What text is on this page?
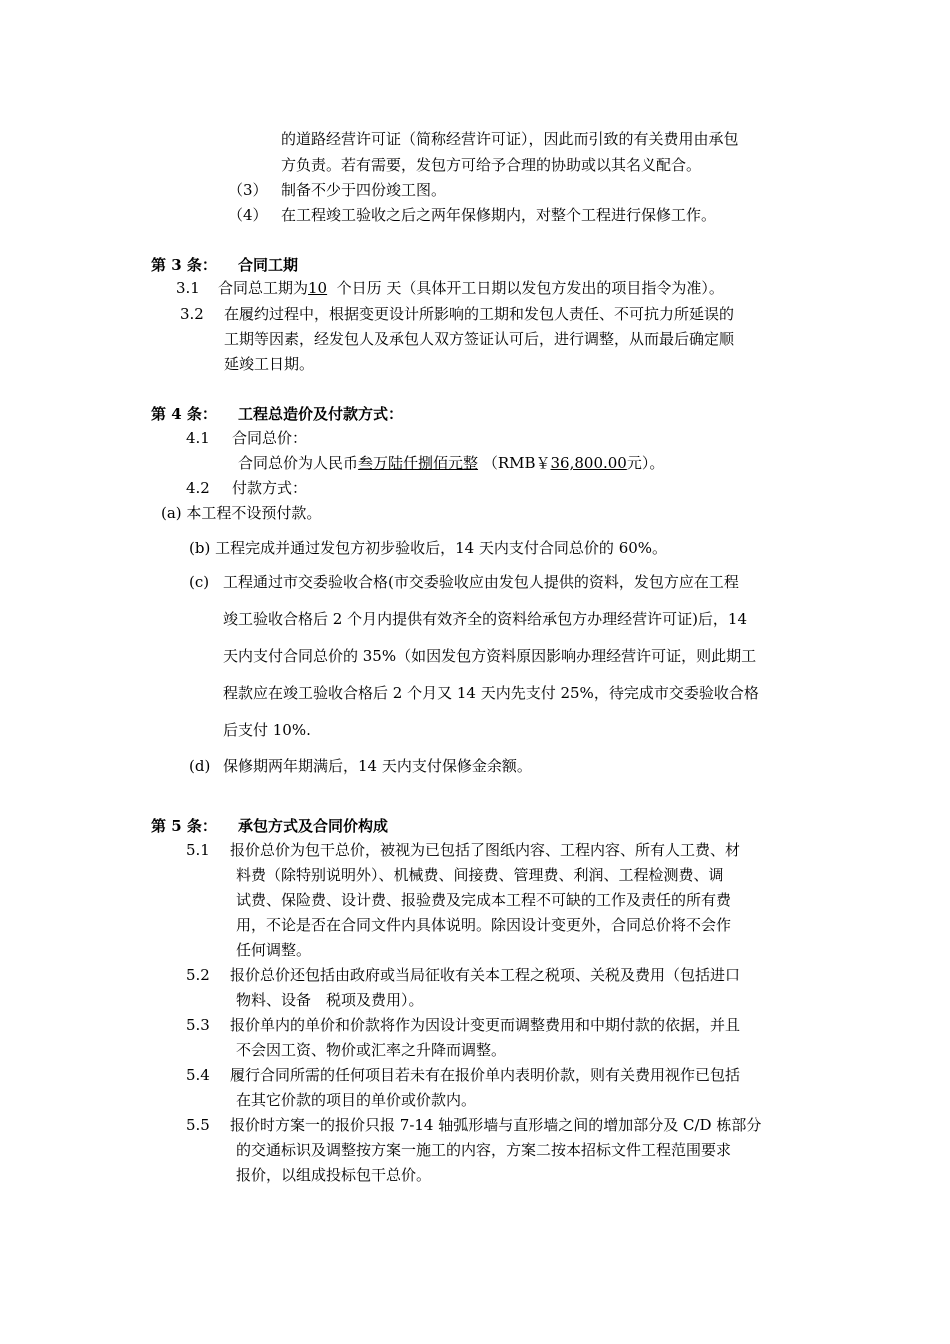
的道路经营许可证（简称经营许可证），因此而引致的有关费用由承包
方负责。若有需要，发包方可给予合理的协助或以其名义配合。
（3） 制备不少于四份竣工图。
（4） 在工程竣工验收之后之两年保修期内，对整个工程进行保修工作。
第 3 条： 合同工期
3.1 合同总工期为10 个日历 天（具体开工日期以发包方发出的项目指令为准）。
3.2 在履约过程中，根据变更设计所影响的工期和发包人责任、不可抗力所延误的
工期等因素，经发包人及承包人双方签证认可后，进行调整，从而最后确定顺
延竣工日期。
第 4 条： 工程总造价及付款方式：
4.1 合同总价：
合同总价为人民币叁万陆仟捌佰元整 （RMB￥36,800.00元）。
4.2 付款方式：
(a) 本工程不设预付款。
(b) 工程完成并通过发包方初步验收后，14 天内支付合同总价的 60%。
(c) 工程通过市交委验收合格(市交委验收应由发包人提供的资料，发包方应在工程
竣工验收合格后 2 个月内提供有效齐全的资料给承包方办理经营许可证)后，14
天内支付合同总价的 35%（如因发包方资料原因影响办理经营许可证，则此期工
程款应在竣工验收合格后 2 个月又 14 天内先支付 25%，待完成市交委验收合格
后支付 10%.
(d) 保修期两年期满后，14 天内支付保修金余额。
第 5 条： 承包方式及合同价构成
5.1 报价总价为包干总价，被视为已包括了图纸内容、工程内容、所有人工费、材
料费（除特别说明外）、机械费、间接费、管理费、利润、工程检测费、调
试费、保险费、设计费、报验费及完成本工程不可缺的工作及责任的所有费
用，不论是否在合同文件内具体说明。除因设计变更外，合同总价将不会作
任何调整。
5.2 报价总价还包括由政府或当局征收有关本工程之税项、关税及费用（包括进口
物料、设备　税项及费用）。
5.3 报价单内的单价和价款将作为因设计变更而调整费用和中期付款的依据，并且
不会因工资、物价或汇率之升降而调整。
5.4 履行合同所需的任何项目若未有在报价单内表明价款，则有关费用视作已包括
在其它价款的项目的单价或价款内。
5.5 报价时方案一的报价只报 7-14 轴弧形墙与直形墙之间的增加部分及 C/D 栋部分
的交通标识及调整按方案一施工的内容，方案二按本招标文件工程范围要求
报价，以组成投标包干总价。
